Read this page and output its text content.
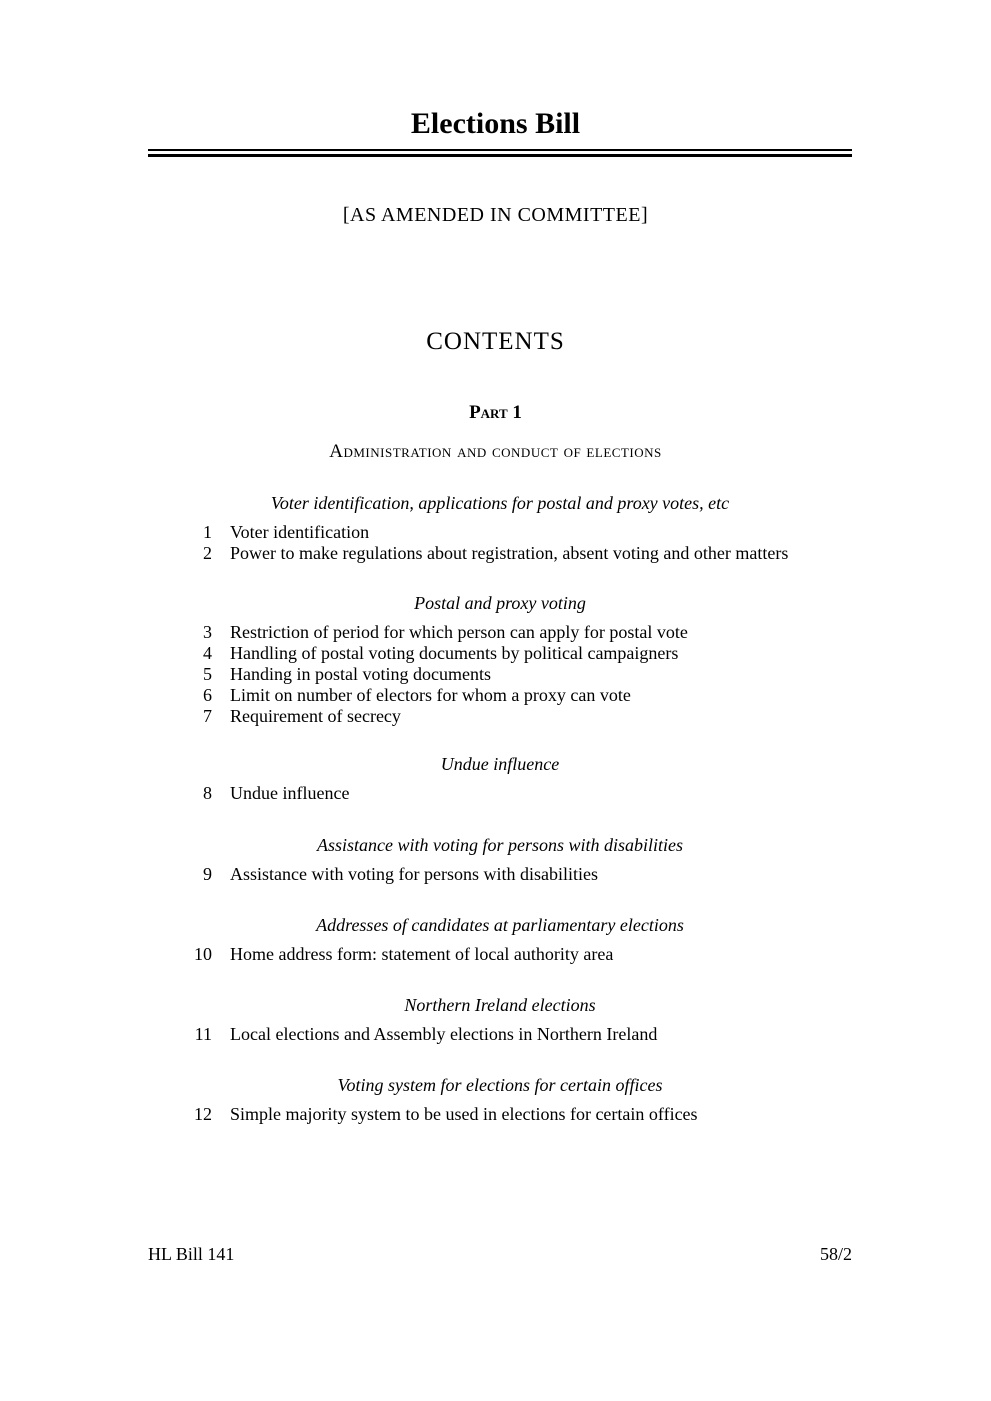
Elections Bill
[AS AMENDED IN COMMITTEE]
CONTENTS
Part 1
Administration and conduct of elections

Voter identification, applications for postal and proxy votes, etc

1 Voter identification
2 Power to make regulations about registration, absent voting and other matters

Postal and proxy voting

3 Restriction of period for which person can apply for postal vote
4 Handling of postal voting documents by political campaigners
5 Handing in postal voting documents
6 Limit on number of electors for whom a proxy can vote
7 Requirement of secrecy

Undue influence

8 Undue influence

Assistance with voting for persons with disabilities

9 Assistance with voting for persons with disabilities

Addresses of candidates at parliamentary elections

10 Home address form: statement of local authority area

Northern Ireland elections

11 Local elections and Assembly elections in Northern Ireland

Voting system for elections for certain offices

12 Simple majority system to be used in elections for certain offices
HL Bill 141	58/2
